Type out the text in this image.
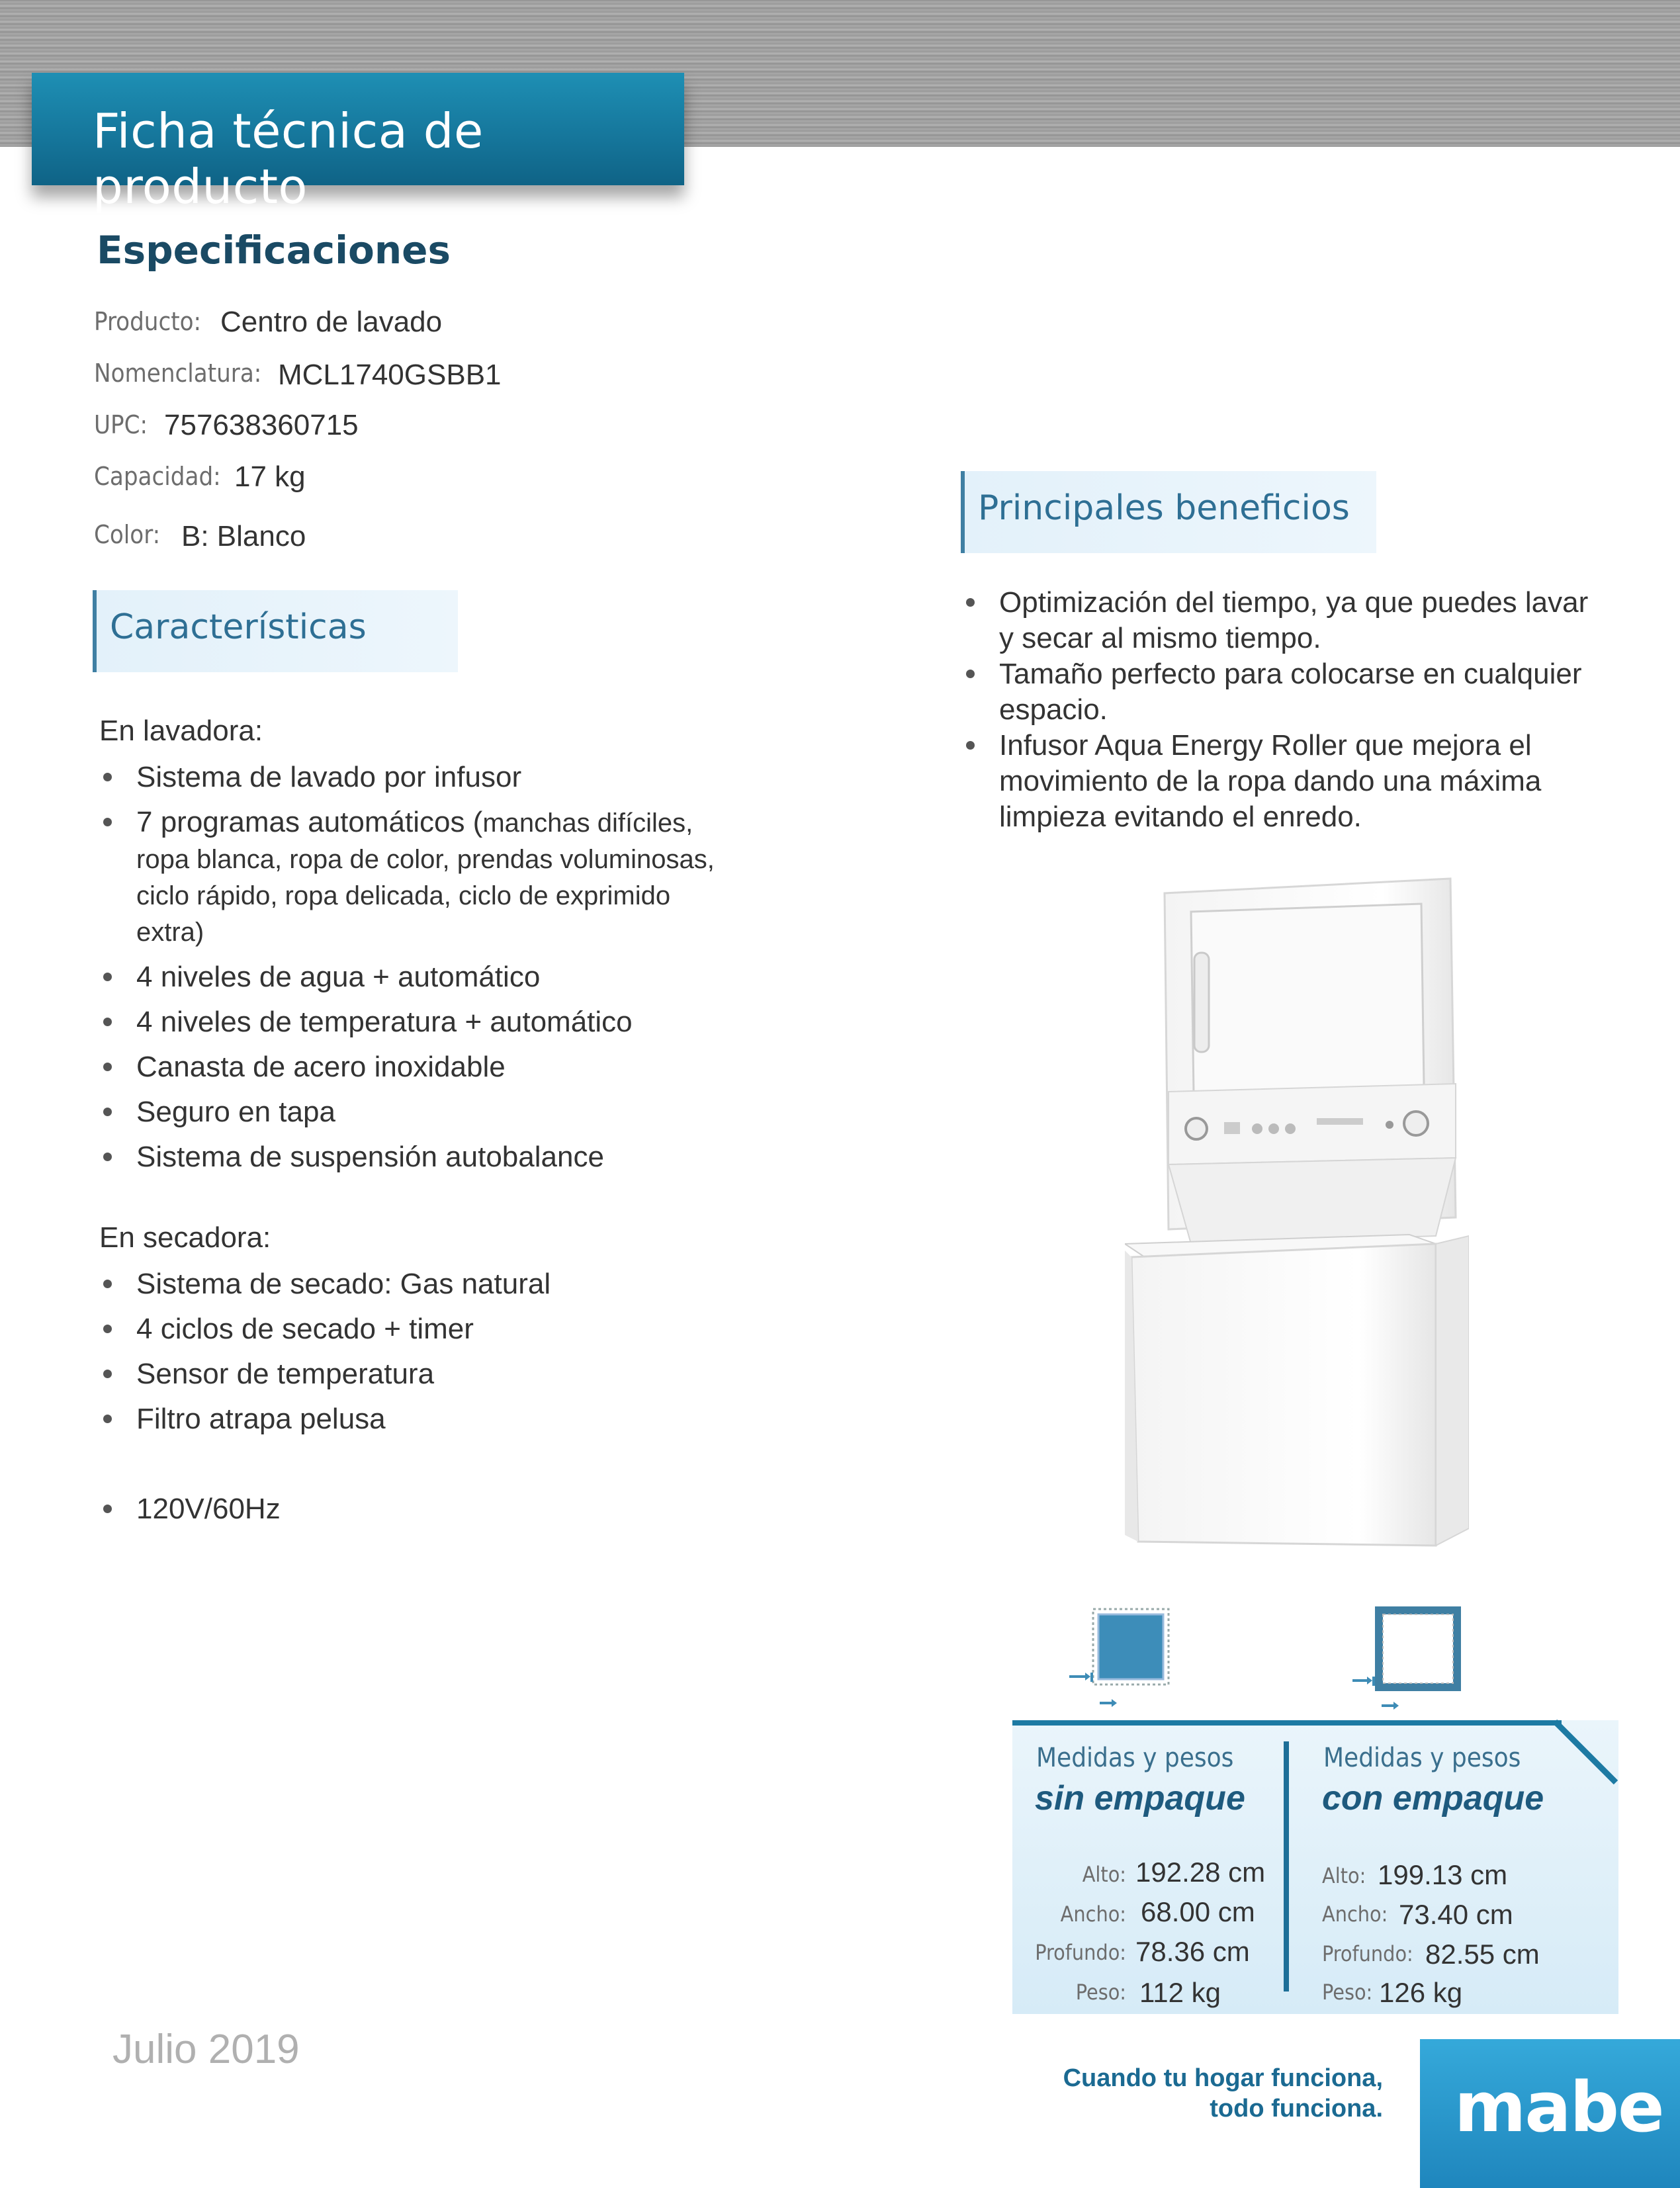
Ficha técnica de producto
Especificaciones
Producto: Centro de lavado
Nomenclatura: MCL1740GSBB1
UPC: 757638360715
Capacidad: 17 kg
Color: B: Blanco
Características
En lavadora:
Sistema de lavado por infusor
7 programas automáticos (manchas difíciles, ropa blanca, ropa de color, prendas voluminosas, ciclo rápido, ropa delicada, ciclo de exprimido extra)
4 niveles de agua + automático
4 niveles de temperatura + automático
Canasta de acero inoxidable
Seguro en tapa
Sistema de suspensión autobalance
En secadora:
Sistema de secado: Gas natural
4 ciclos de secado + timer
Sensor de temperatura
Filtro atrapa pelusa
120V/60Hz
Principales beneficios
Optimización del tiempo, ya que puedes lavar y secar al mismo tiempo.
Tamaño perfecto para colocarse en cualquier espacio.
Infusor Aqua Energy Roller que mejora el movimiento de la ropa dando una máxima limpieza evitando el enredo.
Medidas y pesos
sin empaque
Alto: 192.28 cm
Ancho: 68.00 cm
Profundo: 78.36 cm
Peso: 112 kg
Medidas y pesos
con empaque
Alto: 199.13 cm
Ancho: 73.40 cm
Profundo: 82.55 cm
Peso: 126 kg
Julio 2019
Cuando tu hogar funciona,
todo funciona. mabe
